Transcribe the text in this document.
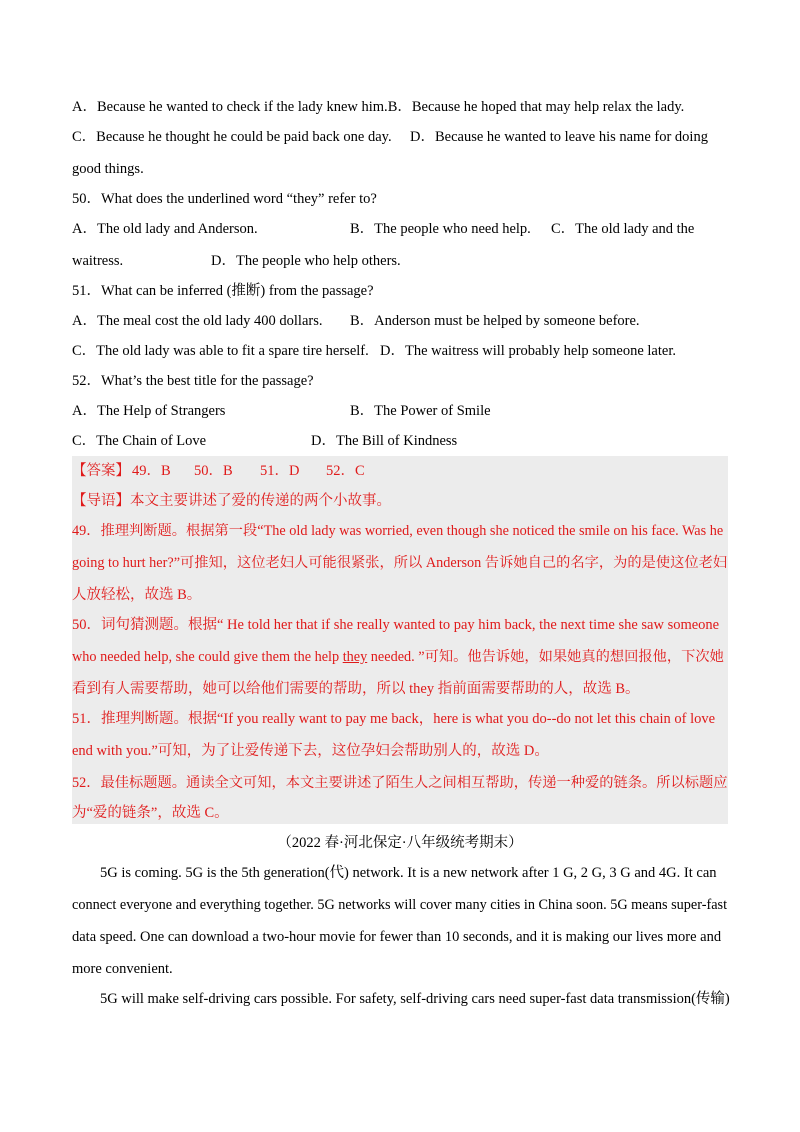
A．Because he wanted to check if the lady knew him.B．Because he hoped that may help relax the lady.
C．Because he thought he could be paid back one day. D．Because he wanted to leave his name for doing
good things.
50．What does the underlined word “they” refer to?
A．The old lady and Anderson.	B．The people who need help. C．The old lady and the
waitress.	D．The people who help others.
51．What can be inferred (推断) from the passage?
A．The meal cost the old lady 400 dollars. B．Anderson must be helped by someone before.
C．The old lady was able to fit a spare tire herself. D．The waitress will probably help someone later.
52．What’s the best title for the passage?
A．The Help of Strangers	B．The Power of Smile
C．The Chain of Love	D．The Bill of Kindness
【答案】 49．B 50．B 51．D 52．C
【导语】本文主要讲述了爱的传递的两个小故事。
49．推理判断题。根据第一段“The old lady was worried, even though she noticed the smile on his face. Was he
going to hurt her?”可推知，这位老妇人可能很紧张，所以 Anderson 告诉她自己的名字，为的是使这位老妇
人放轻松，故选 B。
50．词句猜测题。根据“ He told her that if she really wanted to pay him back, the next time she saw someone
who needed help, she could give them the help they needed. ”可知。他告诉她，如果她真的想回报他，下次她
看到有人需要帮助，她可以给他们需要的帮助，所以 they 指前面需要帮助的人，故选 B。
51．推理判断题。根据“If you really want to pay me back，here is what you do--do not let this chain of love
end with you.”可知，为了让爱传递下去，这位孕妇会帮助别人的，故选 D。
52．最佳标题题。通读全文可知，本文主要讲述了陌生人之间相互帮助，传递一种爱的链条。所以标题应
为“爱的链条”，故选 C。
（2022 春·河北保定·八年级统考期末）
5G is coming. 5G is the 5th generation(代) network. It is a new network after 1 G, 2 G, 3 G and 4G. It can
connect everyone and everything together. 5G networks will cover many cities in China soon. 5G means super-fast
data speed. One can download a two-hour movie for fewer than 10 seconds, and it is making our lives more and
more convenient.
5G will make self-driving cars possible. For safety, self-driving cars need super-fast data transmission(传输)
